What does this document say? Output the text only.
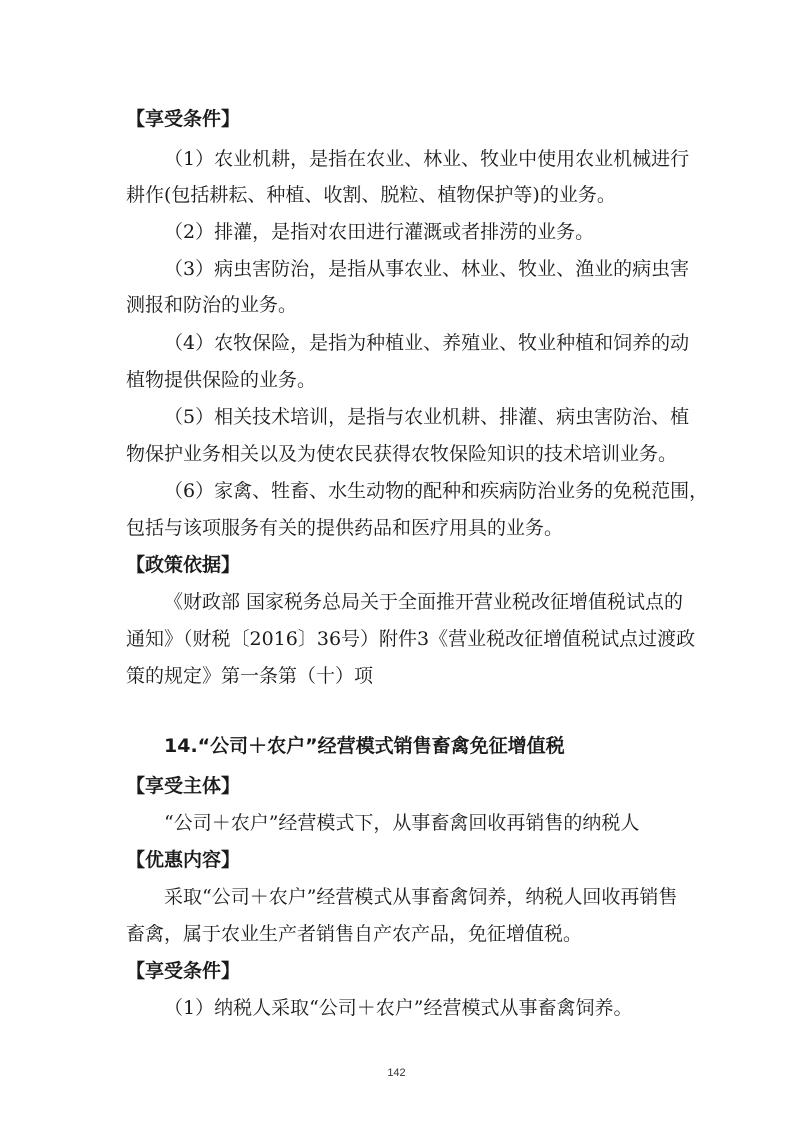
【享受条件】
（1）农业机耕，是指在农业、林业、牧业中使用农业机械进行
耕作(包括耕耘、种植、收割、脱粒、植物保护等)的业务。
（2）排灌，是指对农田进行灌溉或者排涝的业务。
（3）病虫害防治，是指从事农业、林业、牧业、渔业的病虫害
测报和防治的业务。
（4）农牧保险，是指为种植业、养殖业、牧业种植和饲养的动
植物提供保险的业务。
（5）相关技术培训，是指与农业机耕、排灌、病虫害防治、植
物保护业务相关以及为使农民获得农牧保险知识的技术培训业务。
（6）家禽、牲畜、水生动物的配种和疾病防治业务的免税范围，
包括与该项服务有关的提供药品和医疗用具的业务。
【政策依据】
《财政部 国家税务总局关于全面推开营业税改征增值税试点的
通知》（财税〔2016〕36号）附件3《营业税改征增值税试点过渡政
策的规定》第一条第（十）项
14.“公司＋农户”经营模式销售畜禽免征增值税
【享受主体】
“公司＋农户”经营模式下，从事畜禽回收再销售的纳税人
【优惠内容】
采取“公司＋农户”经营模式从事畜禽饲养，纳税人回收再销售
畜禽，属于农业生产者销售自产农产品，免征增值税。
【享受条件】
（1）纳税人采取“公司＋农户”经营模式从事畜禽饲养。
142
